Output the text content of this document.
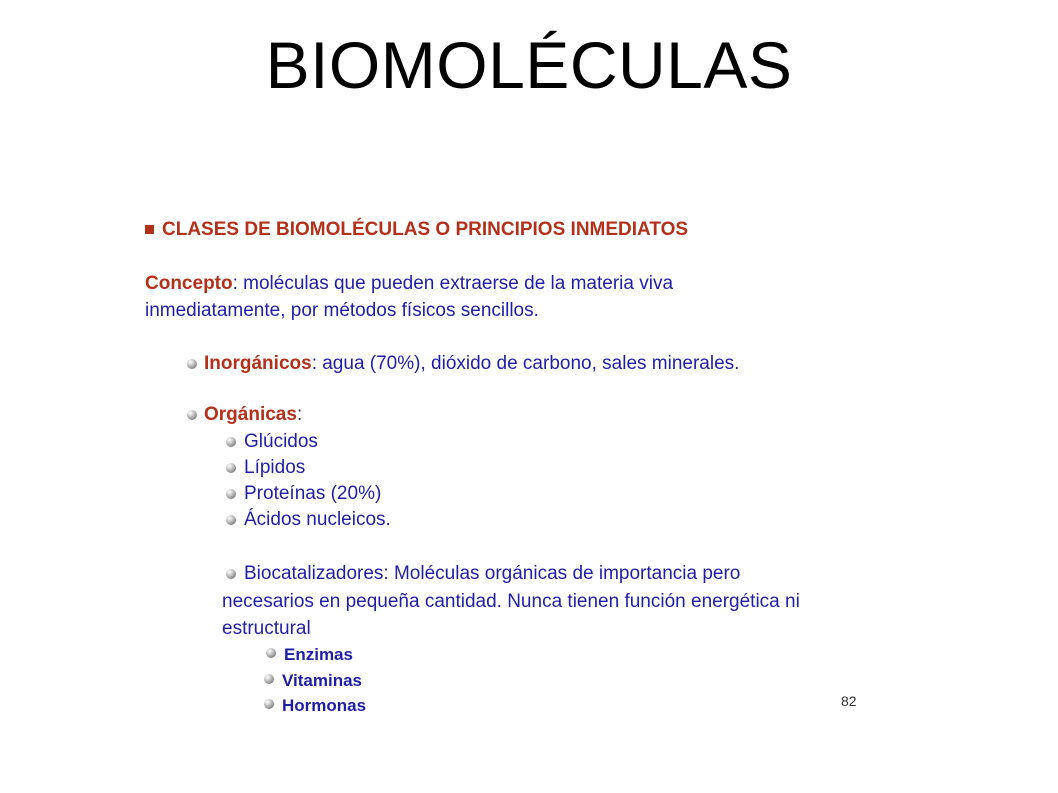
BIOMOLÉCULAS
CLASES DE BIOMOLÉCULAS O PRINCIPIOS INMEDIATOS
Concepto: moléculas que pueden extraerse de la materia viva
inmediatamente, por métodos físicos sencillos.
Inorgánicos: agua (70%), dióxido de carbono, sales minerales.
Orgánicas:
Glúcidos
Lípidos
Proteínas (20%)
Ácidos nucleicos.
Biocatalizadores: Moléculas orgánicas de importancia pero
necesarios en pequeña cantidad. Nunca tienen función energética ni
estructural
Enzimas
Vitaminas
Hormonas	82
